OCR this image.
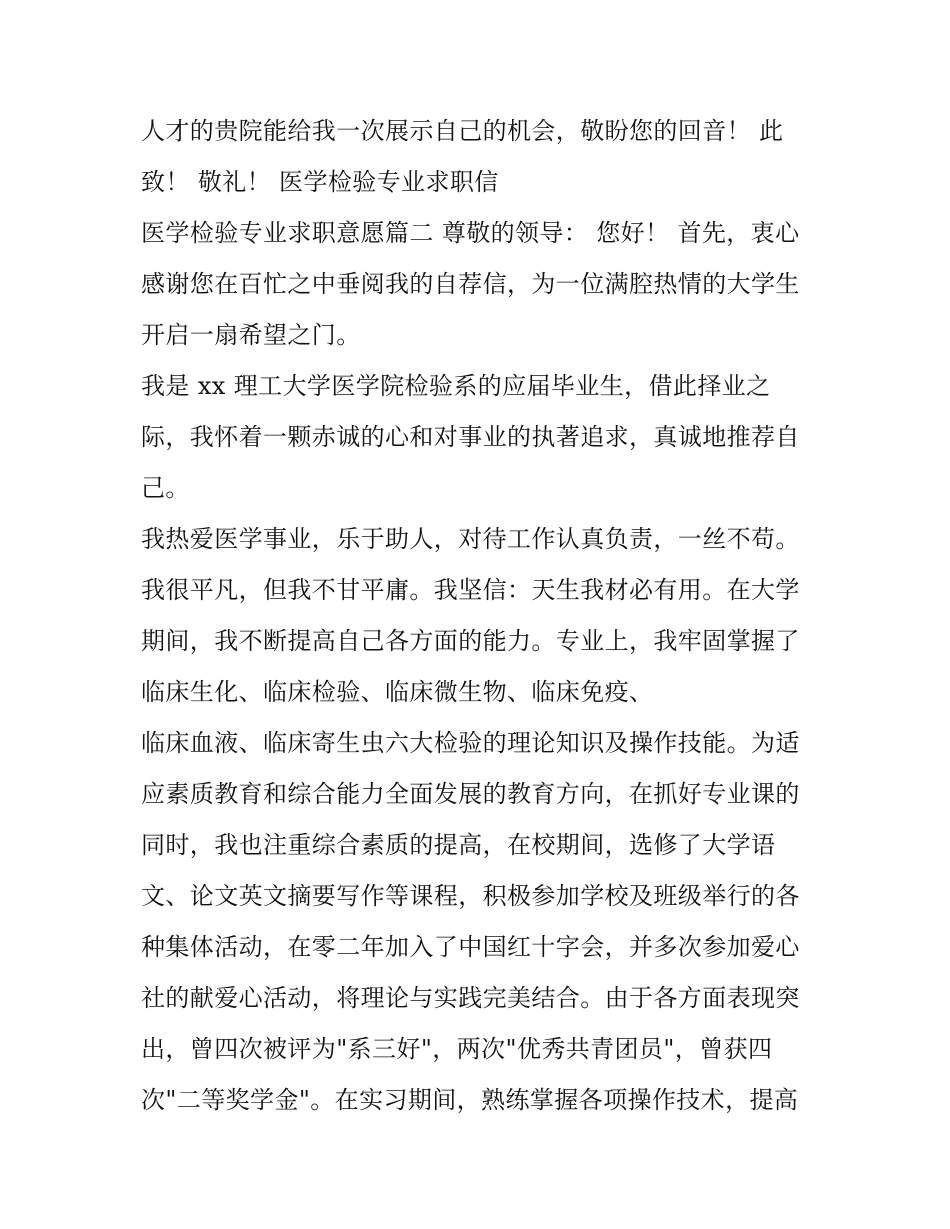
人才的贵院能给我一次展示自己的机会，敬盼您的回音！ 此
致！ 敬礼！ 医学检验专业求职信
医学检验专业求职意愿篇二 尊敬的领导： 您好！ 首先，衷心
感谢您在百忙之中垂阅我的自荐信，为一位满腔热情的大学生
开启一扇希望之门。
我是 xx 理工大学医学院检验系的应届毕业生，借此择业之
际，我怀着一颗赤诚的心和对事业的执著追求，真诚地推荐自
己。
我热爱医学事业，乐于助人，对待工作认真负责，一丝不苟。
我很平凡，但我不甘平庸。我坚信：天生我材必有用。在大学
期间，我不断提高自己各方面的能力。专业上，我牢固掌握了
临床生化、临床检验、临床微生物、临床免疫、
临床血液、临床寄生虫六大检验的理论知识及操作技能。为适
应素质教育和综合能力全面发展的教育方向，在抓好专业课的
同时，我也注重综合素质的提高，在校期间，选修了大学语
文、论文英文摘要写作等课程，积极参加学校及班级举行的各
种集体活动，在零二年加入了中国红十字会，并多次参加爱心
社的献爱心活动，将理论与实践完美结合。由于各方面表现突
出，曾四次被评为"系三好"，两次"优秀共青团员"，曾获四
次"二等奖学金"。在实习期间，熟练掌握各项操作技术，提高
